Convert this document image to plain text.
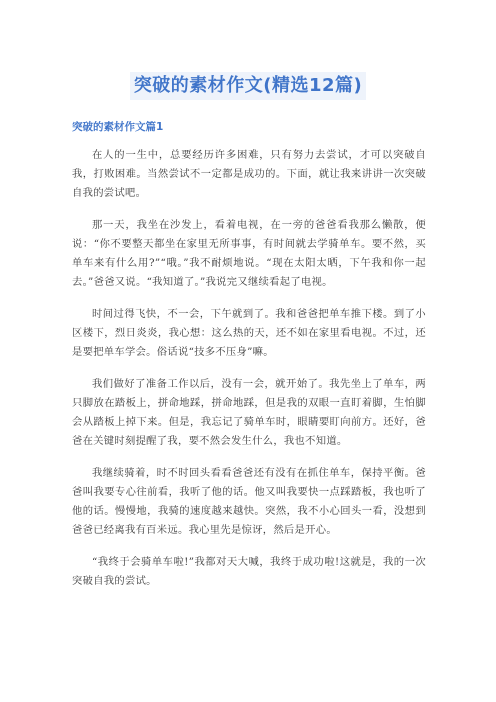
突破的素材作文(精选12篇)
突破的素材作文篇1

在人的一生中，总要经历许多困难，只有努力去尝试，才可以突破自我，打败困难。当然尝试不一定都是成功的。下面，就让我来讲讲一次突破自我的尝试吧。

那一天，我坐在沙发上，看着电视，在一旁的爸爸看我那么懒散，便说：“你不要整天都坐在家里无所事事，有时间就去学骑单车。要不然，买单车来有什么用?”“哦。”我不耐烦地说。“现在太阳太晒，下午我和你一起去。”爸爸又说。“我知道了。”我说完又继续看起了电视。

时间过得飞快，不一会，下午就到了。我和爸爸把单车推下楼。到了小区楼下，烈日炎炎，我心想：这么热的天，还不如在家里看电视。不过，还是要把单车学会。俗话说“技多不压身”嘛。

我们做好了准备工作以后，没有一会，就开始了。我先坐上了单车，两只脚放在踏板上，拼命地踩，拼命地踩，但是我的双眼一直盯着脚，生怕脚会从踏板上掉下来。但是，我忘记了骑单车时，眼睛要盯向前方。还好，爸爸在关键时刻提醒了我，要不然会发生什么，我也不知道。

我继续骑着，时不时回头看看爸爸还有没有在抓住单车，保持平衡。爸爸叫我要专心往前看，我听了他的话。他又叫我要快一点踩踏板，我也听了他的话。慢慢地，我骑的速度越来越快。突然，我不小心回头一看，没想到爸爸已经离我有百米远。我心里先是惊讶，然后是开心。

“我终于会骑单车啦!”我都对天大喊，我终于成功啦!这就是，我的一次突破自我的尝试。
